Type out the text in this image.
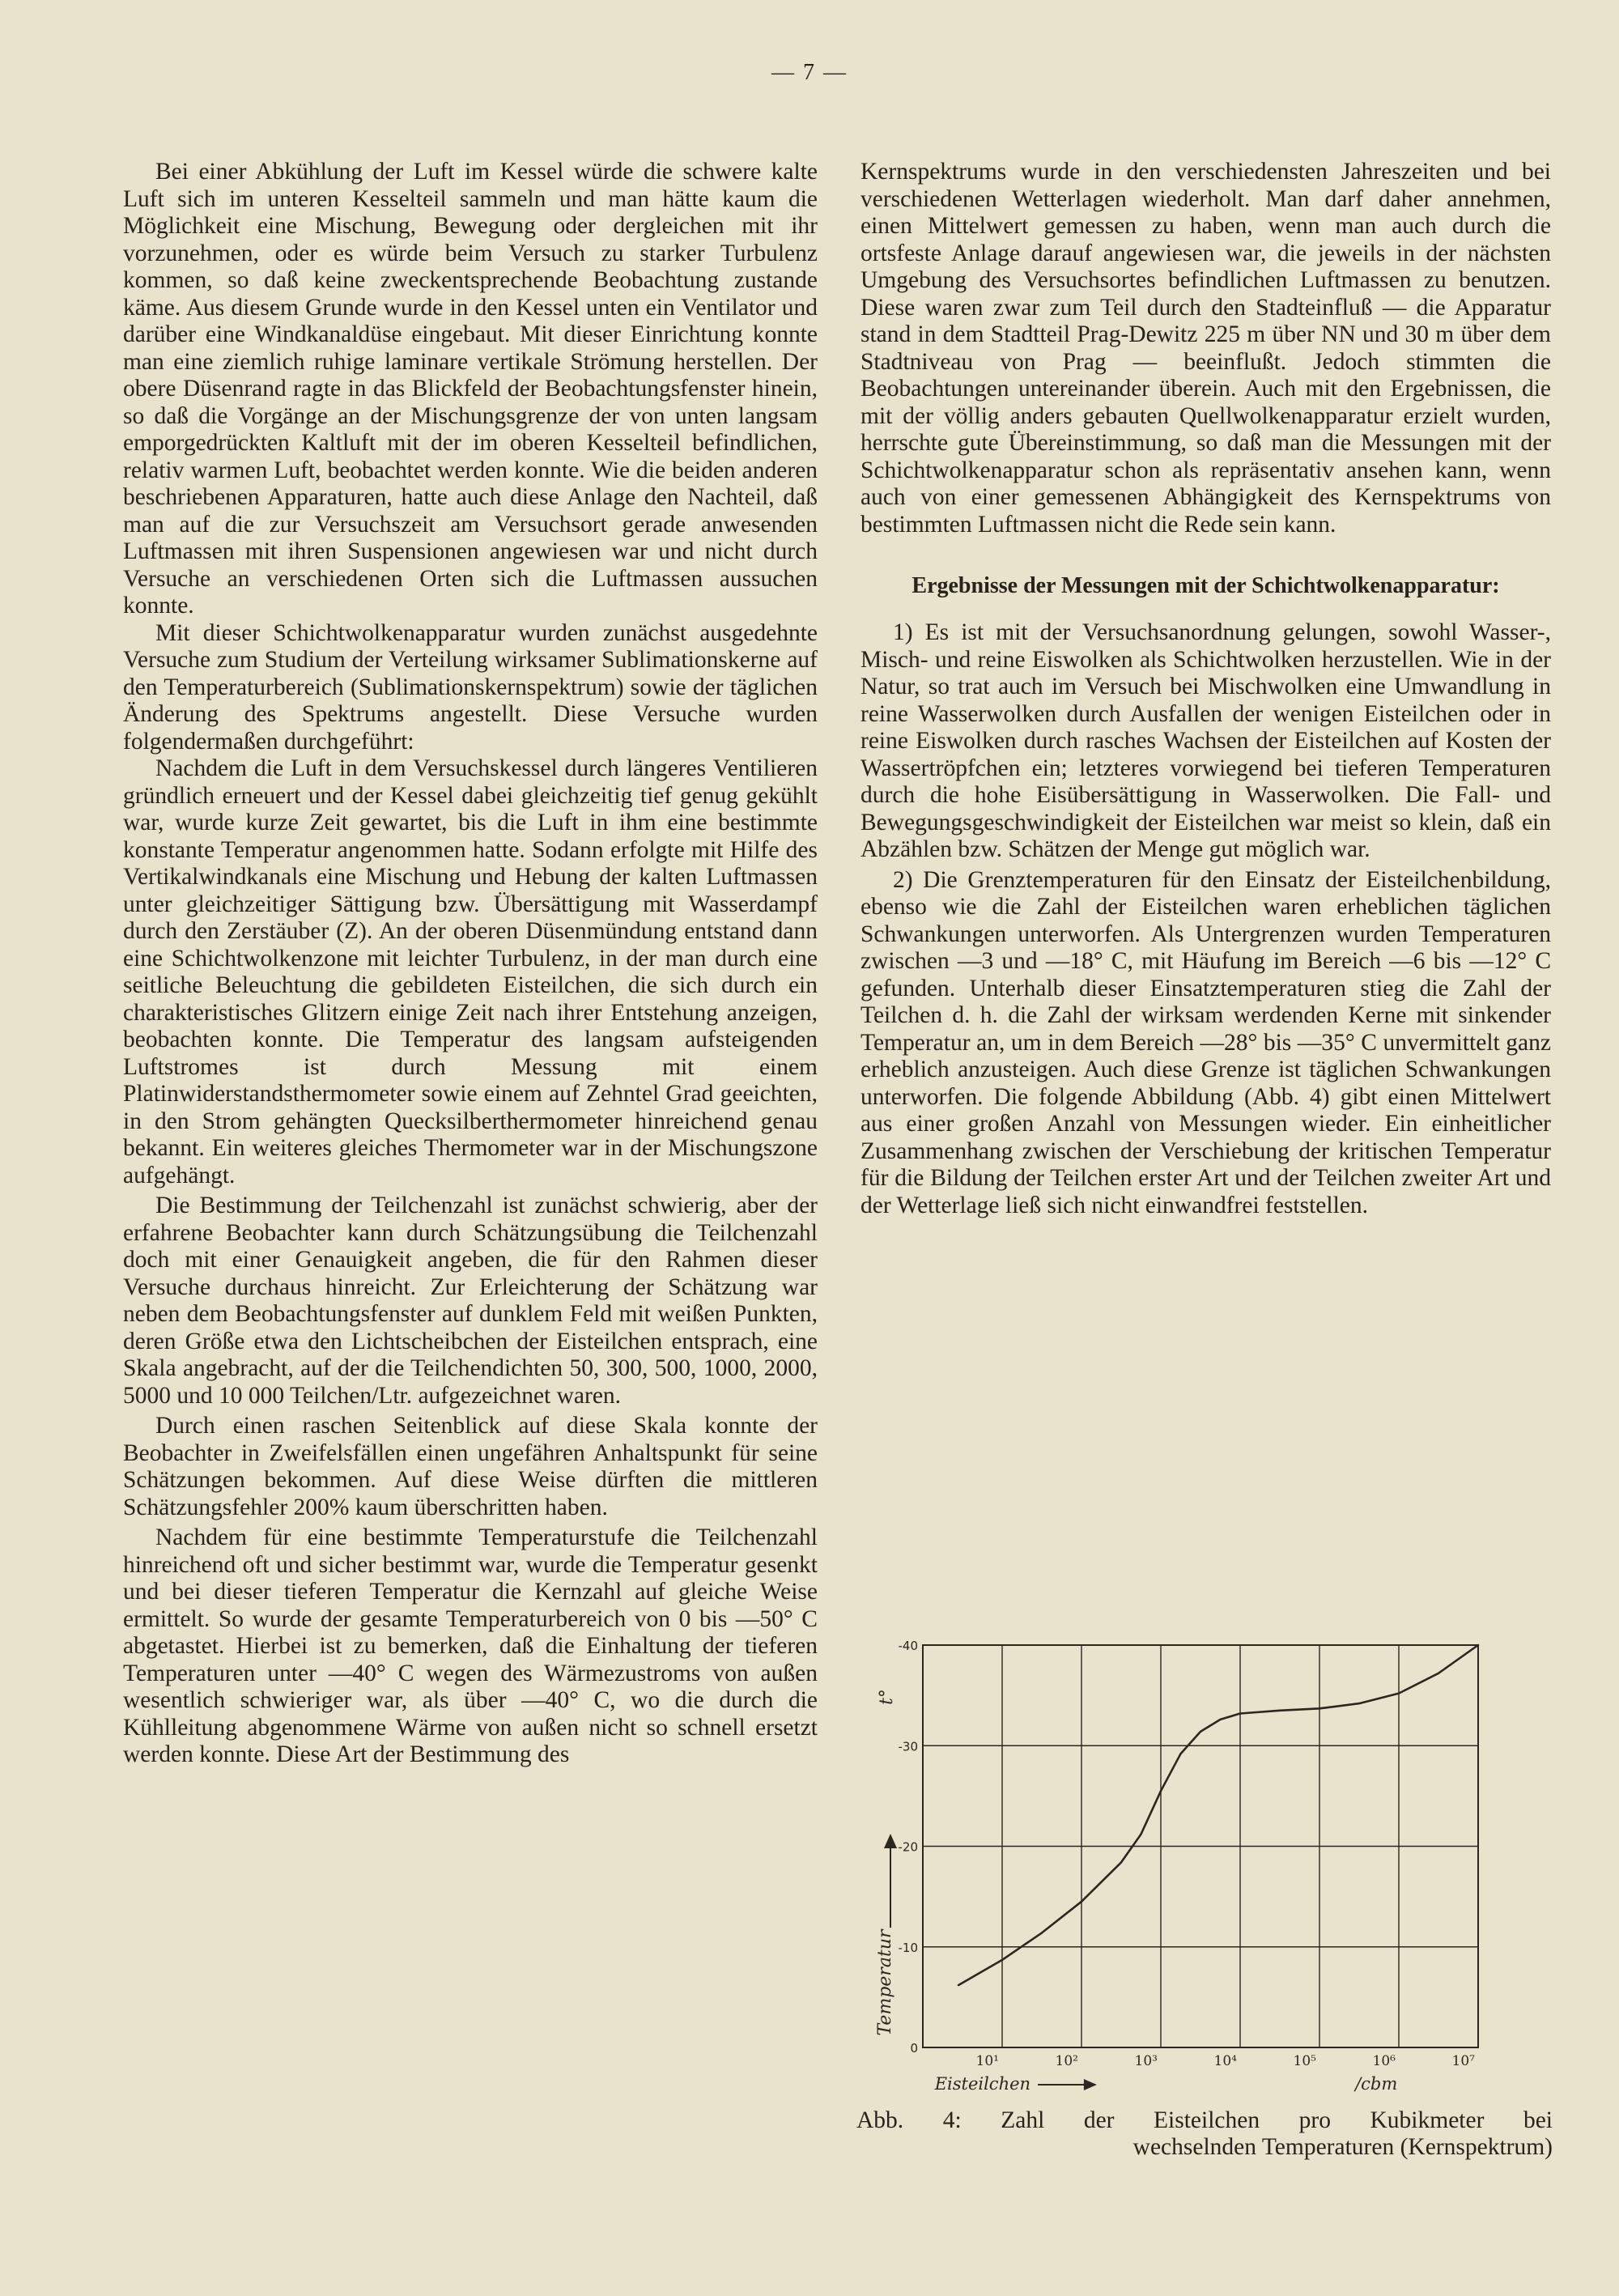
— 7 —

Bei einer Abkühlung der Luft im Kessel würde die schwere kalte Luft sich im unteren Kesselteil sammeln und man hätte kaum die Möglichkeit eine Mischung, Bewegung oder dergleichen mit ihr vorzunehmen, oder es würde beim Versuch zu starker Turbulenz kommen, so daß keine zweckentsprechende Beobachtung zustande käme. Aus diesem Grunde wurde in den Kessel unten ein Ventilator und darüber eine Windkanaldüse eingebaut. Mit dieser Einrichtung konnte man eine ziemlich ruhige laminare vertikale Strömung herstellen. Der obere Düsenrand ragte in das Blickfeld der Beobachtungsfenster hinein, so daß die Vorgänge an der Mischungsgrenze der von unten langsam emporgedrückten Kaltluft mit der im oberen Kesselteil befindlichen, relativ warmen Luft, beobachtet werden konnte. Wie die beiden anderen beschriebenen Apparaturen, hatte auch diese Anlage den Nachteil, daß man auf die zur Versuchszeit am Versuchsort gerade anwesenden Luftmassen mit ihren Suspensionen angewiesen war und nicht durch Versuche an verschiedenen Orten sich die Luftmassen aussuchen konnte.

Mit dieser Schichtwolkenapparatur wurden zunächst ausgedehnte Versuche zum Studium der Verteilung wirksamer Sublimationskerne auf den Temperaturbereich (Sublimationskernspektrum) sowie der täglichen Änderung des Spektrums angestellt. Diese Versuche wurden folgendermaßen durchgeführt:

Nachdem die Luft in dem Versuchskessel durch längeres Ventilieren gründlich erneuert und der Kessel dabei gleichzeitig tief genug gekühlt war, wurde kurze Zeit gewartet, bis die Luft in ihm eine bestimmte konstante Temperatur angenommen hatte. Sodann erfolgte mit Hilfe des Vertikalwindkanals eine Mischung und Hebung der kalten Luftmassen unter gleichzeitiger Sättigung bzw. Übersättigung mit Wasserdampf durch den Zerstäuber (Z). An der oberen Düsenmündung entstand dann eine Schichtwolkenzone mit leichter Turbulenz, in der man durch eine seitliche Beleuchtung die gebildeten Eisteilchen, die sich durch ein charakteristisches Glitzern einige Zeit nach ihrer Entstehung anzeigen, beobachten konnte. Die Temperatur des langsam aufsteigenden Luftstromes ist durch Messung mit einem Platinwiderstandsthermometer sowie einem auf Zehntel Grad geeichten, in den Strom gehängten Quecksilberthermometer hinreichend genau bekannt. Ein weiteres gleiches Thermometer war in der Mischungszone aufgehängt.

Die Bestimmung der Teilchenzahl ist zunächst schwierig, aber der erfahrene Beobachter kann durch Schätzungsübung die Teilchenzahl doch mit einer Genauigkeit angeben, die für den Rahmen dieser Versuche durchaus hinreicht. Zur Erleichterung der Schätzung war neben dem Beobachtungsfenster auf dunklem Feld mit weißen Punkten, deren Größe etwa den Lichtscheibchen der Eisteilchen entsprach, eine Skala angebracht, auf der die Teilchendichten 50, 300, 500, 1000, 2000, 5000 und 10 000 Teilchen/Ltr. aufgezeichnet waren.

Durch einen raschen Seitenblick auf diese Skala konnte der Beobachter in Zweifelsfällen einen ungefähren Anhaltspunkt für seine Schätzungen bekommen. Auf diese Weise dürften die mittleren Schätzungsfehler 200% kaum überschritten haben.

Nachdem für eine bestimmte Temperaturstufe die Teilchenzahl hinreichend oft und sicher bestimmt war, wurde die Temperatur gesenkt und bei dieser tieferen Temperatur die Kernzahl auf gleiche Weise ermittelt. So wurde der gesamte Temperaturbereich von 0 bis —50° C abgetastet. Hierbei ist zu bemerken, daß die Einhaltung der tieferen Temperaturen unter —40° C wegen des Wärmezustroms von außen wesentlich schwieriger war, als über —40° C, wo die durch die Kühlleitung abgenommene Wärme von außen nicht so schnell ersetzt werden konnte. Diese Art der Bestimmung des

Kernspektrums wurde in den verschiedensten Jahreszeiten und bei verschiedenen Wetterlagen wiederholt. Man darf daher annehmen, einen Mittelwert gemessen zu haben, wenn man auch durch die ortsfeste Anlage darauf angewiesen war, die jeweils in der nächsten Umgebung des Versuchsortes befindlichen Luftmassen zu benutzen. Diese waren zwar zum Teil durch den Stadteinfluß — die Apparatur stand in dem Stadtteil Prag-Dewitz 225 m über NN und 30 m über dem Stadtniveau von Prag — beeinflußt. Jedoch stimmten die Beobachtungen untereinander überein. Auch mit den Ergebnissen, die mit der völlig anders gebauten Quellwolkenapparatur erzielt wurden, herrschte gute Übereinstimmung, so daß man die Messungen mit der Schichtwolkenapparatur schon als repräsentativ ansehen kann, wenn auch von einer gemessenen Abhängigkeit des Kernspektrums von bestimmten Luftmassen nicht die Rede sein kann.

Ergebnisse der Messungen mit der Schichtwolkenapparatur:

1) Es ist mit der Versuchsanordnung gelungen, sowohl Wasser-, Misch- und reine Eiswolken als Schichtwolken herzustellen. Wie in der Natur, so trat auch im Versuch bei Mischwolken eine Umwandlung in reine Wasserwolken durch Ausfallen der wenigen Eisteilchen oder in reine Eiswolken durch rasches Wachsen der Eisteilchen auf Kosten der Wassertröpfchen ein; letzteres vorwiegend bei tieferen Temperaturen durch die hohe Eisübersättigung in Wasserwolken. Die Fall- und Bewegungsgeschwindigkeit der Eisteilchen war meist so klein, daß ein Abzählen bzw. Schätzen der Menge gut möglich war.

2) Die Grenztemperaturen für den Einsatz der Eisteilchenbildung, ebenso wie die Zahl der Eisteilchen waren erheblichen täglichen Schwankungen unterworfen. Als Untergrenzen wurden Temperaturen zwischen —3 und —18° C, mit Häufung im Bereich —6 bis —12° C gefunden. Unterhalb dieser Einsatztemperaturen stieg die Zahl der Teilchen d. h. die Zahl der wirksam werdenden Kerne mit sinkender Temperatur an, um in dem Bereich —28° bis —35° C unvermittelt ganz erheblich anzusteigen. Auch diese Grenze ist täglichen Schwankungen unterworfen. Die folgende Abbildung (Abb. 4) gibt einen Mittelwert aus einer großen Anzahl von Messungen wieder. Ein einheitlicher Zusammenhang zwischen der Verschiebung der kritischen Temperatur für die Bildung der Teilchen erster Art und der Teilchen zweiter Art und der Wetterlage ließ sich nicht einwandfrei feststellen.

10¹	10²	10³	10⁴	10⁵	10⁶	10⁷
0
-10
-20
-30
-40
Temperatur
t°
Eisteilchen	/cbm
Abb. 4: Zahl der Eisteilchen pro Kubikmeter bei
wechselnden Temperaturen (Kernspektrum)
